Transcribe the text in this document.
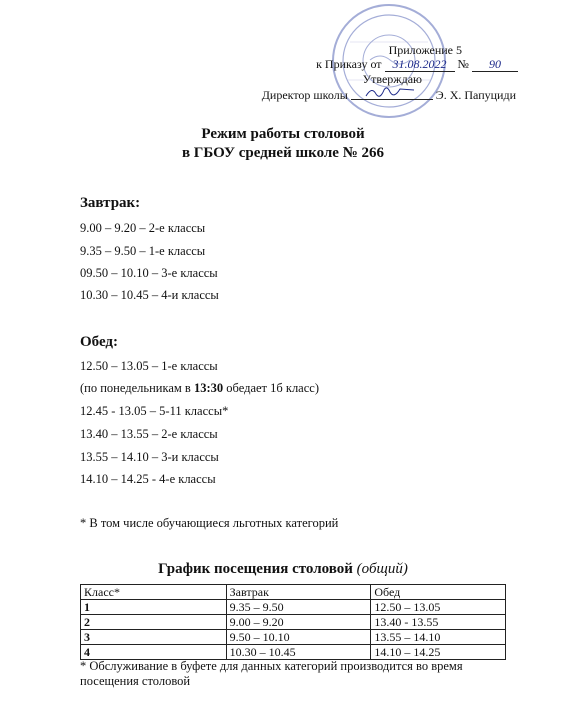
Приложение 5
к Приказу от 31.08.2022 № 90
Утверждаю
Директор школы	Э. Х. Папуциди
Режим работы столовой
в ГБОУ средней школе № 266
Завтрак:
9.00 – 9.20 – 2-е классы
9.35 – 9.50 – 1-е классы
09.50 – 10.10 – 3-е классы
10.30 – 10.45 – 4-и классы
Обед:
12.50 – 13.05 – 1-е классы
(по понедельникам в 13:30 обедает 1б класс)
12.45 - 13.05 – 5-11 классы*
13.40 – 13.55 – 2-е классы
13.55 – 14.10 – 3-и классы
14.10 – 14.25 - 4-е классы
* В том числе обучающиеся льготных категорий
График посещения столовой (общий)
Класс*	Завтрак	Обед
1	9.35 – 9.50	12.50 – 13.05
2	9.00 – 9.20	13.40 - 13.55
3	9.50 – 10.10	13.55 – 14.10
4	10.30 – 10.45	14.10 – 14.25
* Обслуживание в буфете для данных категорий производится во время посещения столовой
